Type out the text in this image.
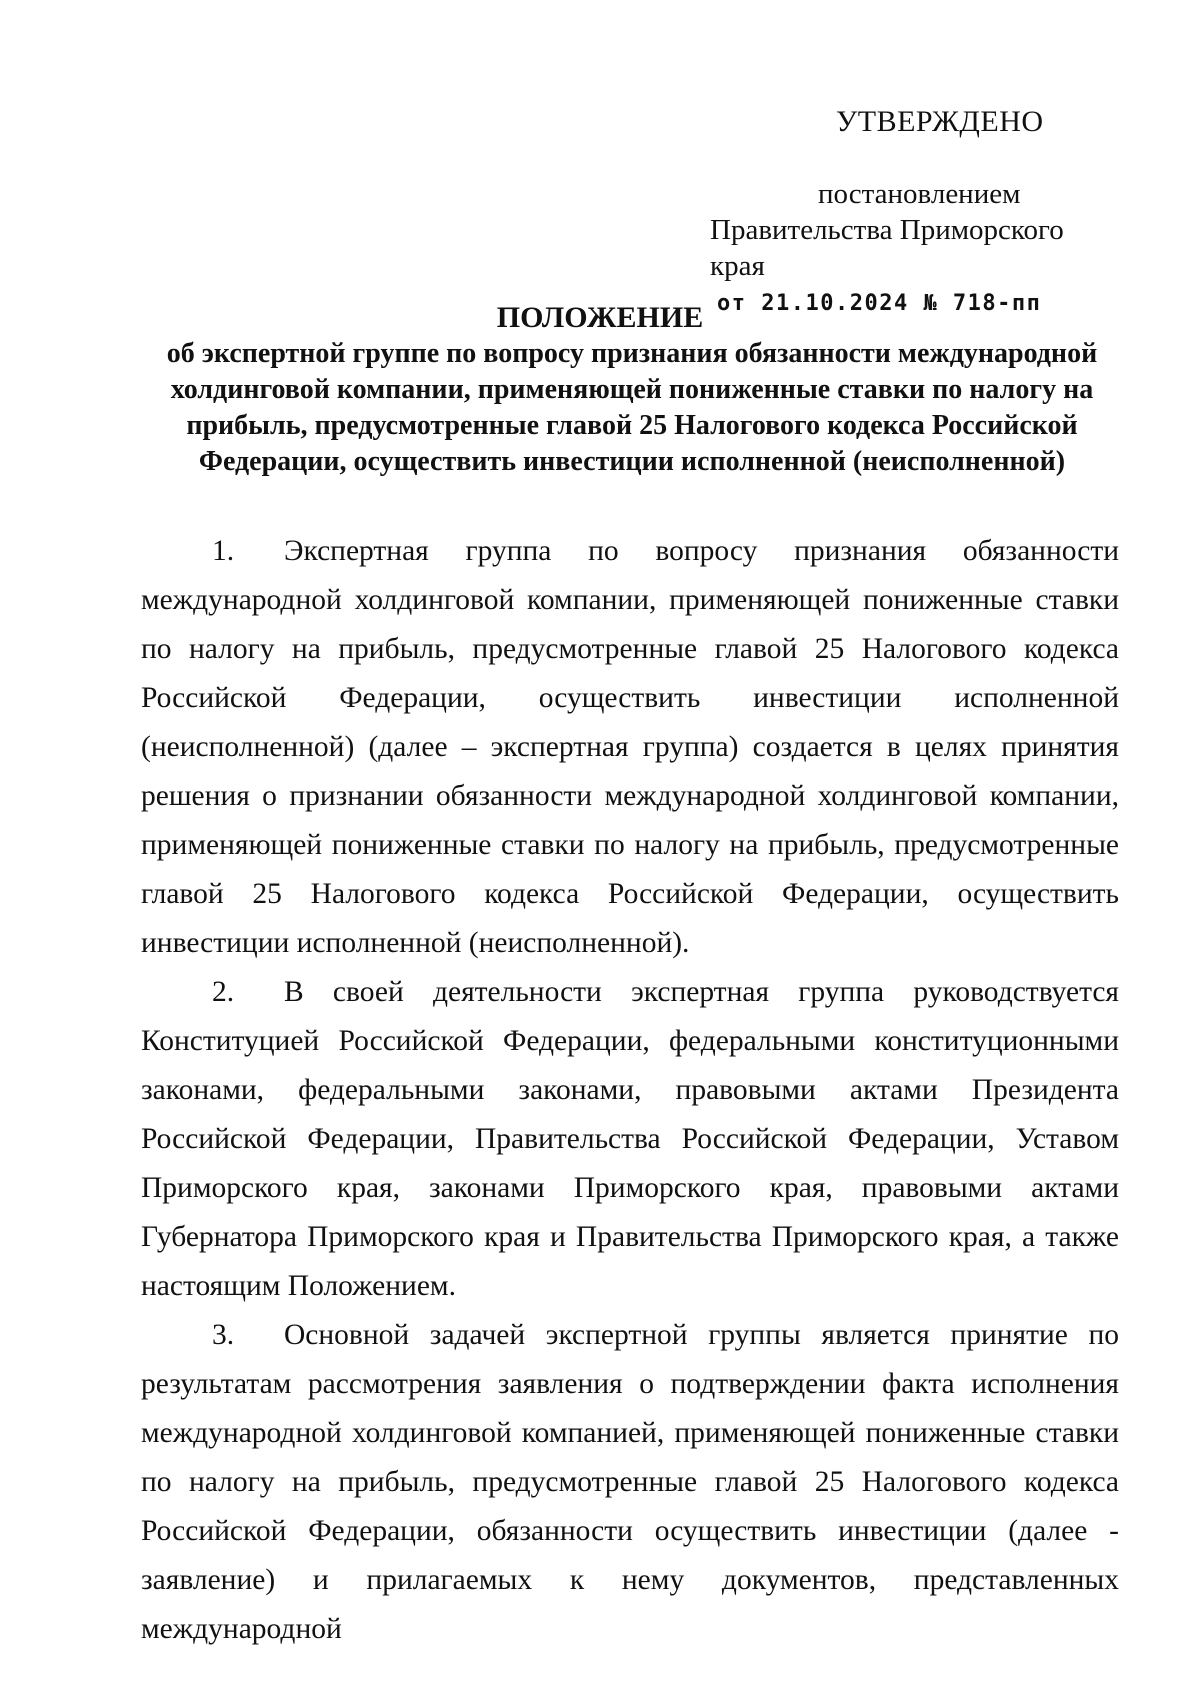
УТВЕРЖДЕНО
постановлением
Правительства Приморского края
от 21.10.2024 № 718-пп
ПОЛОЖЕНИЕ
об экспертной группе по вопросу признания обязанности международной холдинговой компании, применяющей пониженные ставки по налогу на прибыль, предусмотренные главой 25 Налогового кодекса Российской Федерации, осуществить инвестиции исполненной (неисполненной)

1. Экспертная группа по вопросу признания обязанности международной холдинговой компании, применяющей пониженные ставки по налогу на прибыль, предусмотренные главой 25 Налогового кодекса Российской Федерации, осуществить инвестиции исполненной (неисполненной) (далее – экспертная группа) создается в целях принятия решения о признании обязанности международной холдинговой компании, применяющей пониженные ставки по налогу на прибыль, предусмотренные главой 25 Налогового кодекса Российской Федерации, осуществить инвестиции исполненной (неисполненной).

2. В своей деятельности экспертная группа руководствуется Конституцией Российской Федерации, федеральными конституционными законами, федеральными законами, правовыми актами Президента Российской Федерации, Правительства Российской Федерации, Уставом Приморского края, законами Приморского края, правовыми актами Губернатора Приморского края и Правительства Приморского края, а также настоящим Положением.

3. Основной задачей экспертной группы является принятие по результатам рассмотрения заявления о подтверждении факта исполнения международной холдинговой компанией, применяющей пониженные ставки по налогу на прибыль, предусмотренные главой 25 Налогового кодекса Российской Федерации, обязанности осуществить инвестиции (далее - заявление) и прилагаемых к нему документов, представленных международной
